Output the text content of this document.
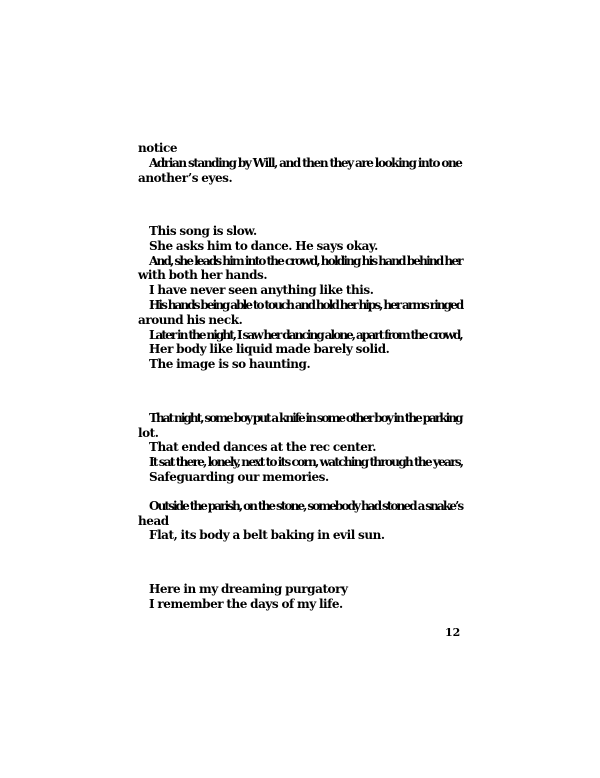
notice
Adrian standing by Will, and then they are looking into one
another’s eyes.
This song is slow.
She asks him to dance. He says okay.
And, she leads him into the crowd, holding his hand behind her
with both her hands.
I have never seen anything like this.
His hands being able to touch and hold her hips, her arms ringed
around his neck.
Later in the night, I saw her dancing alone, apart from the crowd,
Her body like liquid made barely solid.
The image is so haunting.
That night, some boy put a knife in some other boy in the parking
lot.
That ended dances at the rec center.
It sat there, lonely, next to its corn, watching through the years,
Safeguarding our memories.
Outside the parish, on the stone, somebody had stoned a snake’s
head
Flat, its body a belt baking in evil sun.
Here in my dreaming purgatory
I remember the days of my life.
12
